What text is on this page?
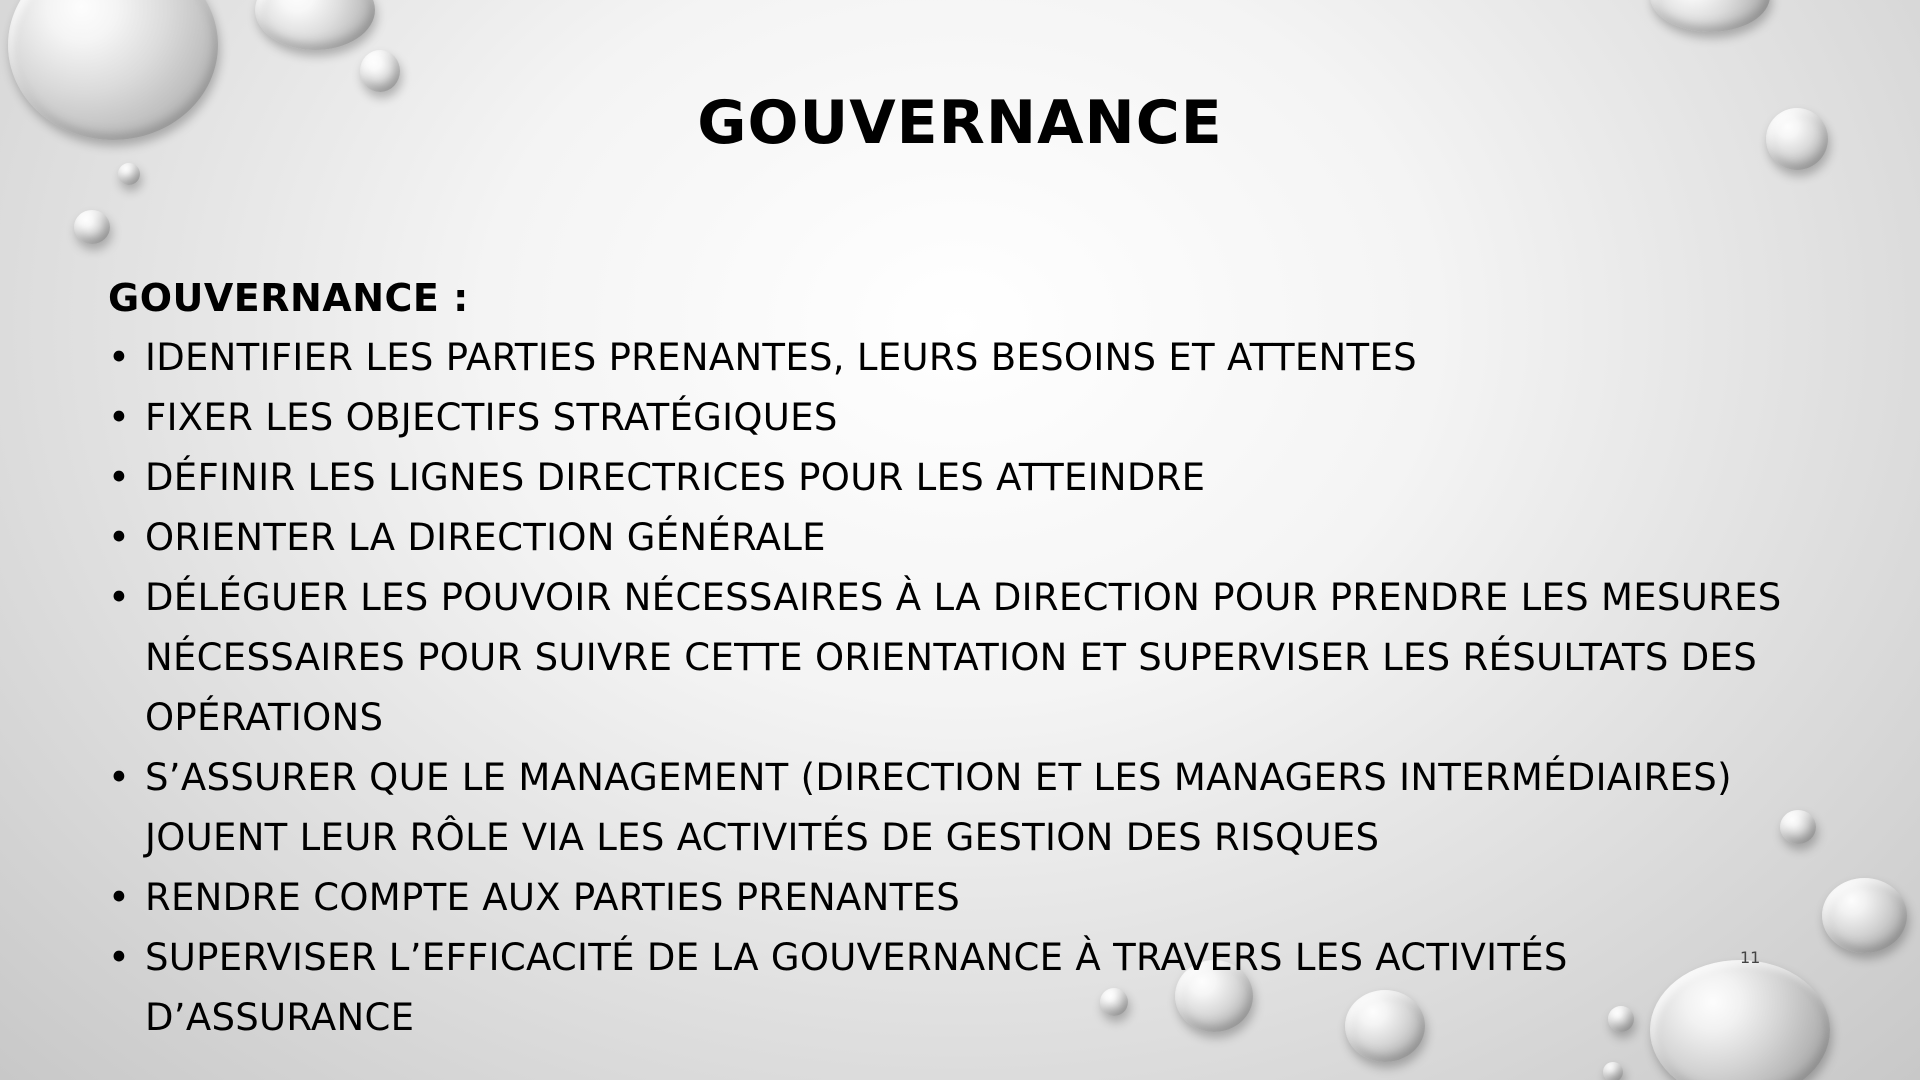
GOUVERNANCE
GOUVERNANCE :
• IDENTIFIER LES PARTIES PRENANTES, LEURS BESOINS ET ATTENTES
• FIXER LES OBJECTIFS STRATÉGIQUES
• DÉFINIR LES LIGNES DIRECTRICES POUR LES ATTEINDRE
• ORIENTER LA DIRECTION GÉNÉRALE
• DÉLÉGUER LES POUVOIR NÉCESSAIRES À LA DIRECTION POUR PRENDRE LES MESURES NÉCESSAIRES POUR SUIVRE CETTE ORIENTATION ET SUPERVISER LES RÉSULTATS DES OPÉRATIONS
• S’ASSURER QUE LE MANAGEMENT (DIRECTION ET LES MANAGERS INTERMÉDIAIRES) JOUENT LEUR RÔLE VIA LES ACTIVITÉS DE GESTION DES RISQUES
• RENDRE COMPTE AUX PARTIES PRENANTES
• SUPERVISER L’EFFICACITÉ DE LA GOUVERNANCE À TRAVERS LES ACTIVITÉS D’ASSURANCE
11
